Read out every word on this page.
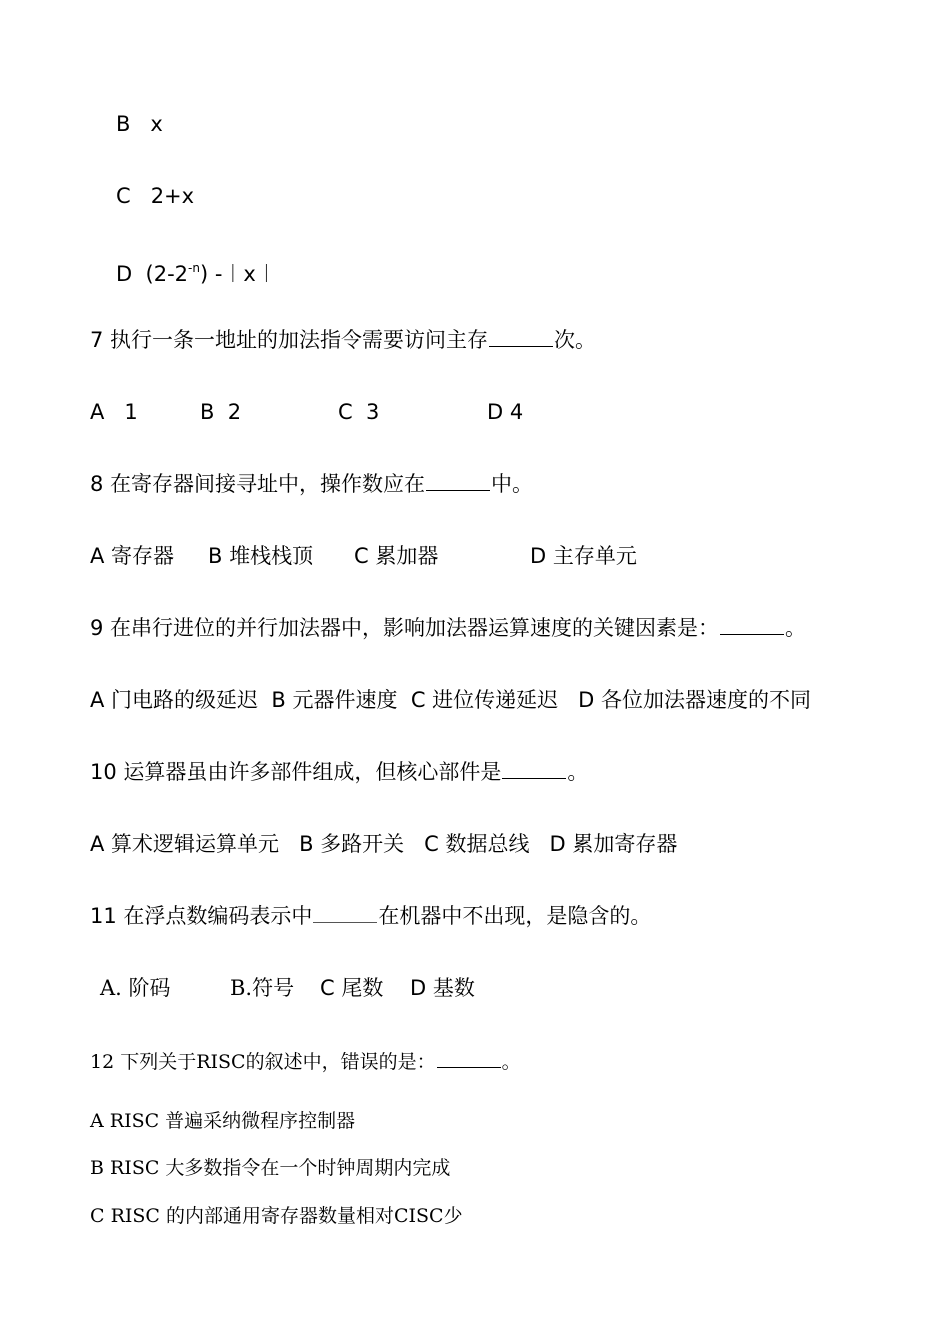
B   x
C   2+x
D  $(2-2^{-n})$ -︱x︱
7 执行一条一地址的加法指令需要访问主存	次。
A   1	B  2	C  3	D 4
8 在寄存器间接寻址中，操作数应在	中。
A 寄存器 B 堆栈栈顶 C 累加器	D 主存单元
9 在串行进位的并行加法器中，影响加法器运算速度的关键因素是：	。
A 门电路的级延迟  B 元器件速度  C 进位传递延迟   D 各位加法器速度的不同
10 运算器虽由许多部件组成，但核心部件是	。
A 算术逻辑运算单元   B 多路开关   C 数据总线   D 累加寄存器
11 在浮点数编码表示中	在机器中不出现，是隐含的。
A. 阶码	B.符号 C 尾数 D 基数
12 下列关于RISC的叙述中，错误的是：	。
A RISC 普遍采纳微程序控制器
B RISC 大多数指令在一个时钟周期内完成
C RISC 的内部通用寄存器数量相对CISC少
